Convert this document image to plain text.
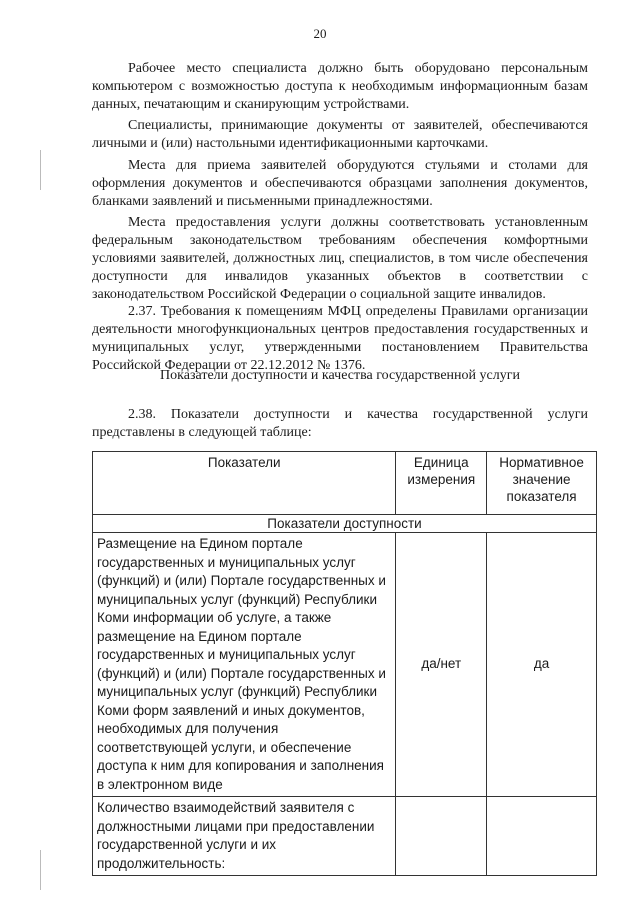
20

Рабочее место специалиста должно быть оборудовано персональным компьютером с возможностью доступа к необходимым информационным базам данных, печатающим и сканирующим устройствами.

Специалисты, принимающие документы от заявителей, обеспечиваются личными и (или) настольными идентификационными карточками.

Места для приема заявителей оборудуются стульями и столами для оформления документов и обеспечиваются образцами заполнения документов, бланками заявлений и письменными принадлежностями.

Места предоставления услуги должны соответствовать установленным федеральным законодательством требованиям обеспечения комфортными условиями заявителей, должностных лиц, специалистов, в том числе обеспечения доступности для инвалидов указанных объектов в соответствии с законодательством Российской Федерации о социальной защите инвалидов.

2.37. Требования к помещениям МФЦ определены Правилами организации деятельности многофункциональных центров предоставления государственных и муниципальных услуг, утвержденными постановлением Правительства Российской Федерации от 22.12.2012 № 1376.

Показатели доступности и качества государственной услуги
2.38. Показатели доступности и качества государственной услуги представлены в следующей таблице:
Показатели	Единица измерения	Нормативное значение показателя
Показатели доступности		
Размещение на Едином портале государственных и муниципальных услуг (функций) и (или) Портале государственных и муниципальных услуг (функций) Республики Коми информации об услуге, а также размещение на Едином портале государственных и муниципальных услуг (функций) и (или) Портале государственных и муниципальных услуг (функций) Республики Коми форм заявлений и иных документов, необходимых для получения соответствующей услуги, и обеспечение доступа к ним для копирования и заполнения в электронном виде	да/нет	да
Количество взаимодействий заявителя с должностными лицами при предоставлении государственной услуги и их продолжительность:		
